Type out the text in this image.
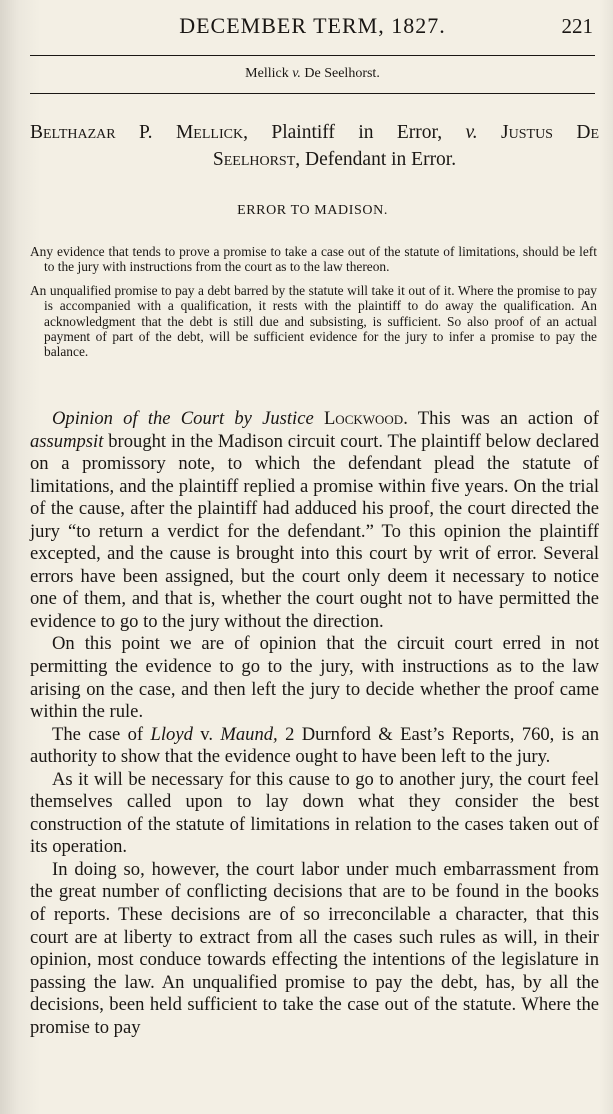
DECEMBER TERM, 1827.	221
Mellick v. De Seelhorst.
Belthazar P. Mellick, Plaintiff in Error, v. Justus De
Seelhorst, Defendant in Error.
ERROR TO MADISON.

Any evidence that tends to prove a promise to take a case out of the statute of limitations, should be left to the jury with instructions from the court as to the law thereon.

An unqualified promise to pay a debt barred by the statute will take it out of it. Where the promise to pay is accompanied with a qualification, it rests with the plaintiff to do away the qualification. An acknowledgment that the debt is still due and subsisting, is sufficient. So also proof of an actual payment of part of the debt, will be sufficient evidence for the jury to infer a promise to pay the balance.

Opinion of the Court by Justice Lockwood. This was an action of assumpsit brought in the Madison circuit court. The plaintiff below declared on a promissory note, to which the defendant plead the statute of limitations, and the plaintiff replied a promise within five years. On the trial of the cause, after the plaintiff had adduced his proof, the court directed the jury “to return a verdict for the defendant.” To this opinion the plaintiff excepted, and the cause is brought into this court by writ of error. Several errors have been assigned, but the court only deem it necessary to notice one of them, and that is, whether the court ought not to have permitted the evidence to go to the jury without the direction.

On this point we are of opinion that the circuit court erred in not permitting the evidence to go to the jury, with instructions as to the law arising on the case, and then left the jury to decide whether the proof came within the rule.

The case of Lloyd v. Maund, 2 Durnford & East’s Reports, 760, is an authority to show that the evidence ought to have been left to the jury.

As it will be necessary for this cause to go to another jury, the court feel themselves called upon to lay down what they consider the best construction of the statute of limitations in relation to the cases taken out of its operation.

In doing so, however, the court labor under much embarrassment from the great number of conflicting decisions that are to be found in the books of reports. These decisions are of so irreconcilable a character, that this court are at liberty to extract from all the cases such rules as will, in their opinion, most conduce towards effecting the intentions of the legislature in passing the law. An unqualified promise to pay the debt, has, by all the decisions, been held sufficient to take the case out of the statute. Where the promise to pay
